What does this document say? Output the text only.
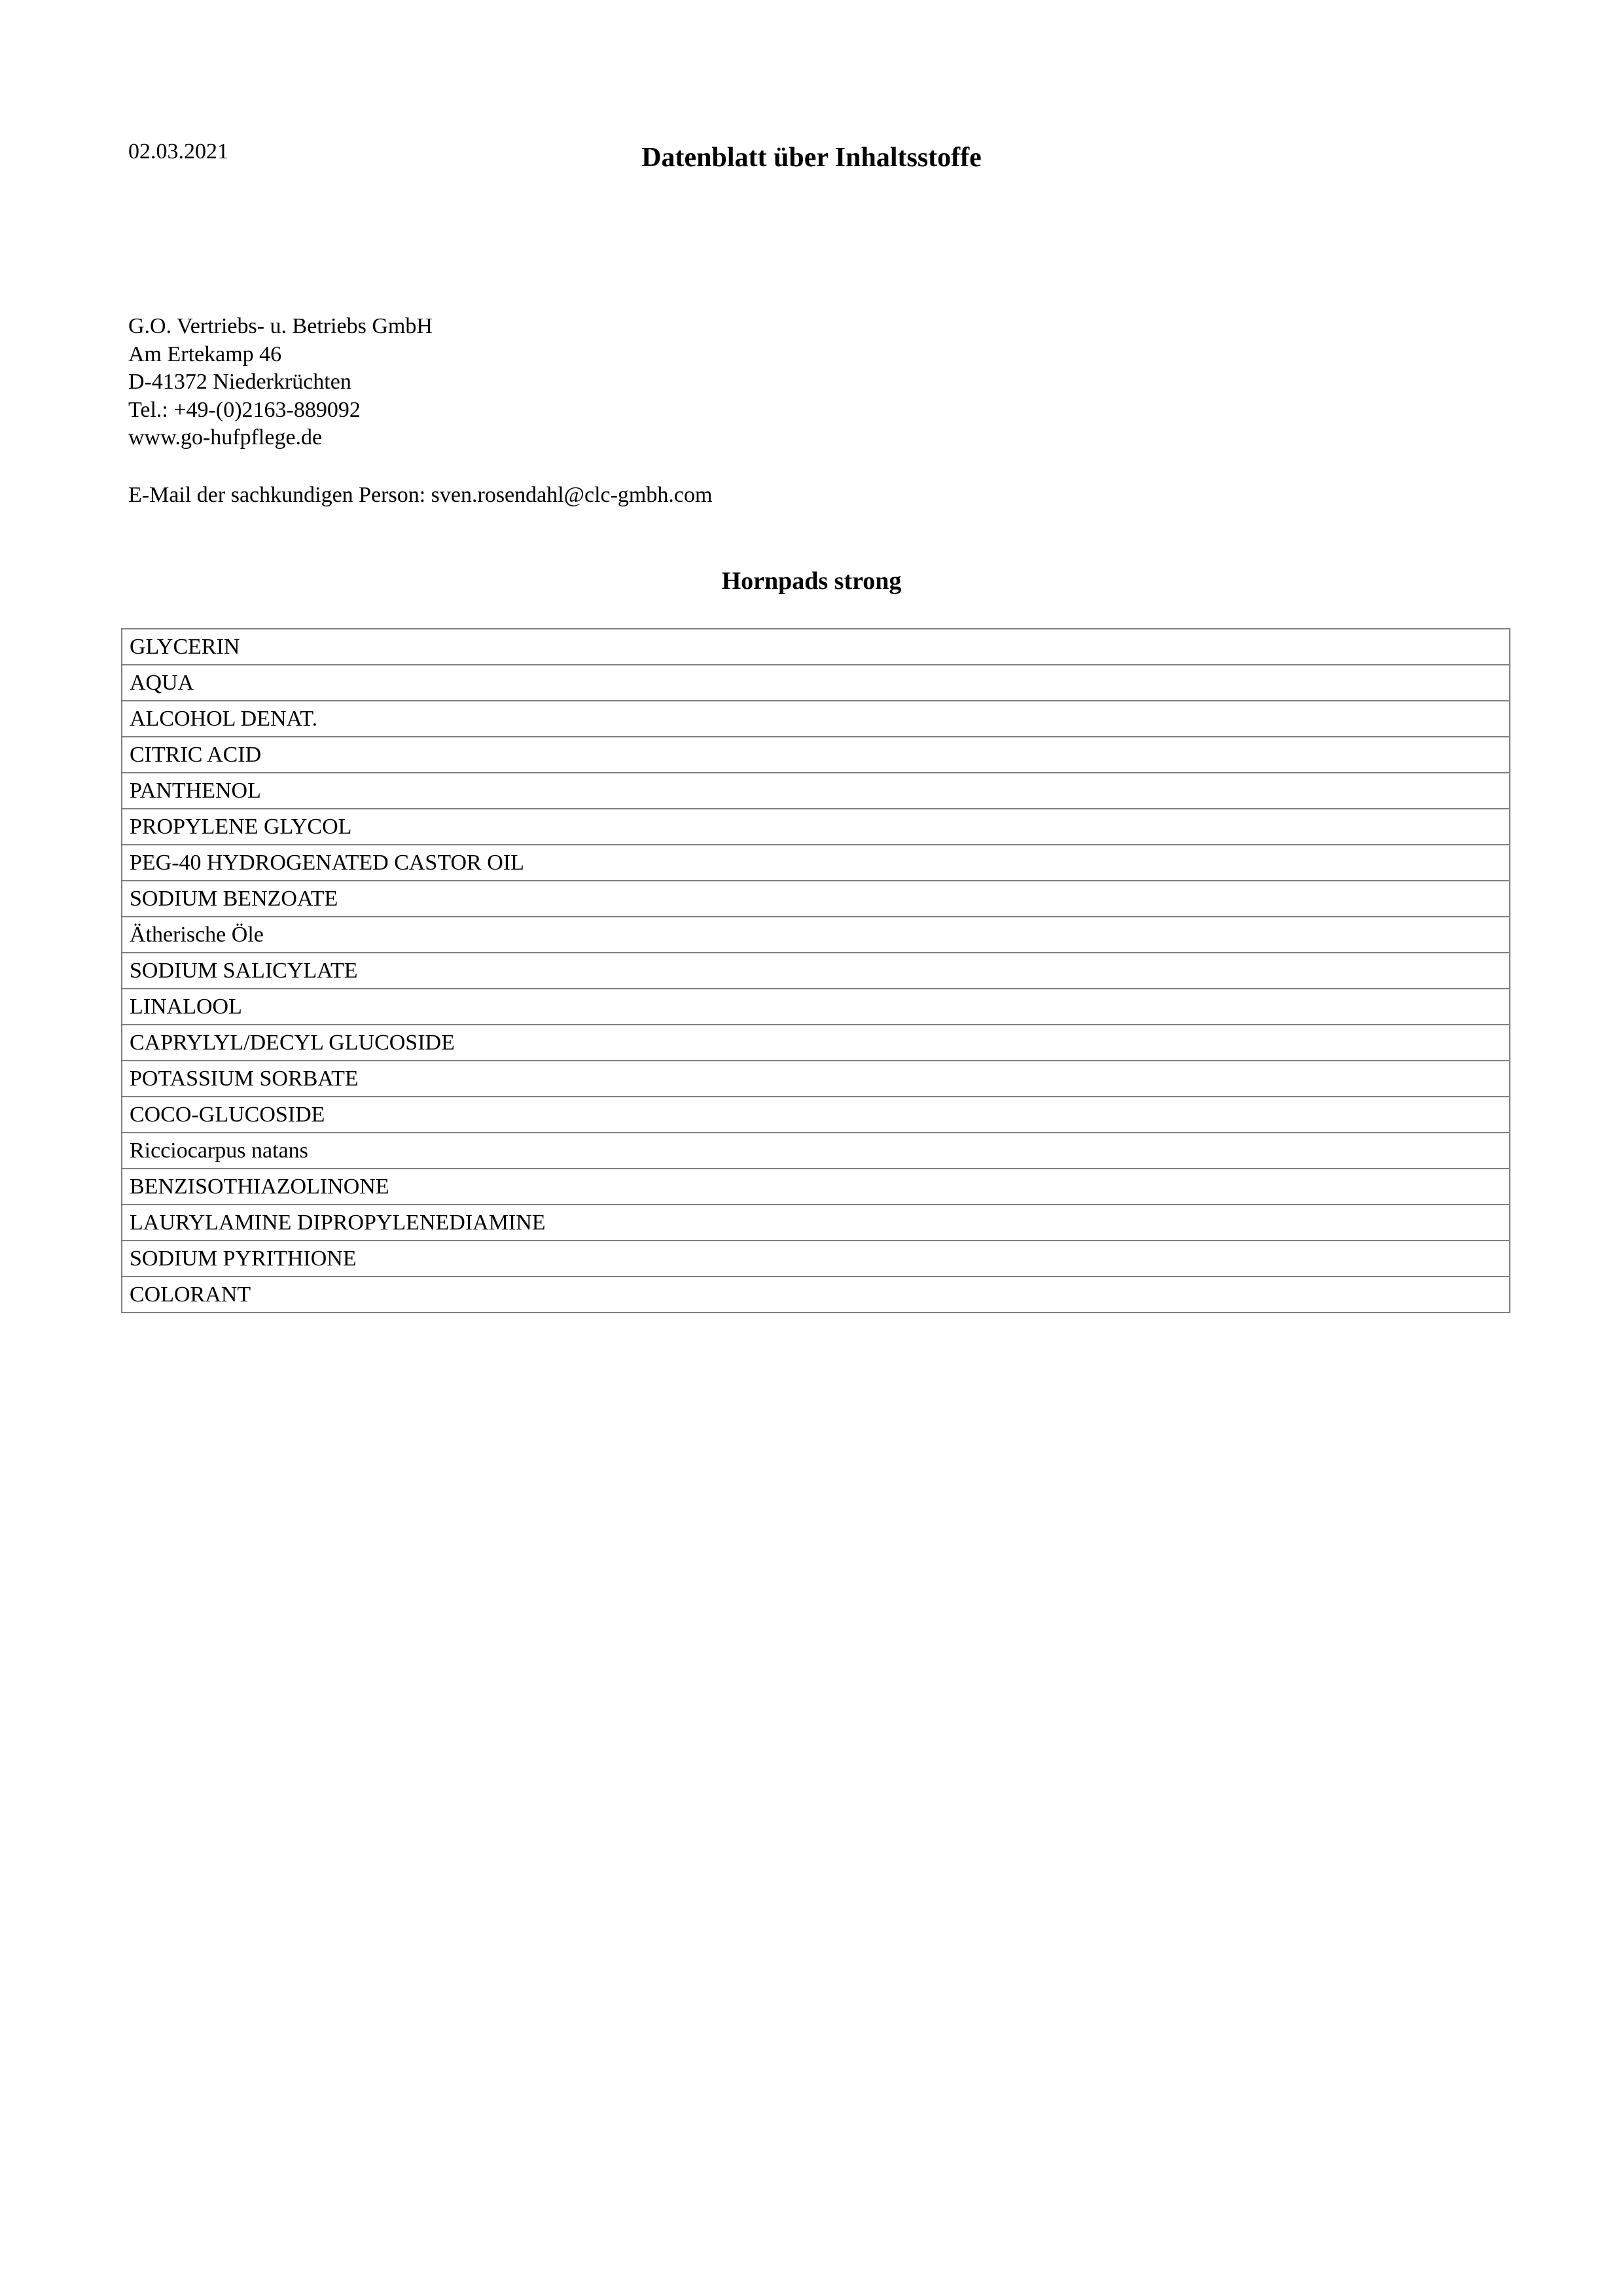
02.03.2021	Datenblatt über Inhaltsstoffe
G.O. Vertriebs- u. Betriebs GmbH
Am Ertekamp 46
D-41372 Niederkrüchten
Tel.: +49-(0)2163-889092
www.go-hufpflege.de
E-Mail der sachkundigen Person: sven.rosendahl@clc-gmbh.com
Hornpads strong
GLYCERIN
AQUA
ALCOHOL DENAT.
CITRIC ACID
PANTHENOL
PROPYLENE GLYCOL
PEG-40 HYDROGENATED CASTOR OIL
SODIUM BENZOATE
Ätherische Öle
SODIUM SALICYLATE
LINALOOL
CAPRYLYL/DECYL GLUCOSIDE
POTASSIUM SORBATE
COCO-GLUCOSIDE
Ricciocarpus natans
BENZISOTHIAZOLINONE
LAURYLAMINE DIPROPYLENEDIAMINE
SODIUM PYRITHIONE
COLORANT
